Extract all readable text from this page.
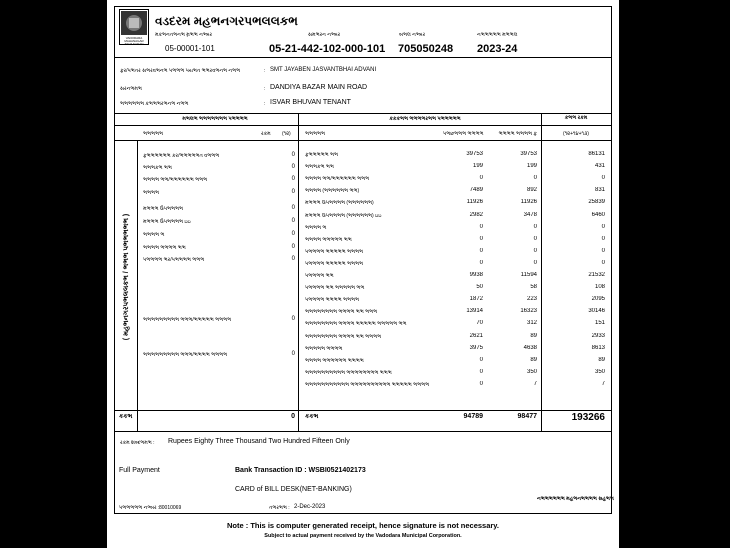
VADODARA MAHANAGAR SEVA SADAN
વડદરમ મહભનગરપભલલકભ
મકભનતભનભ મ્રભભ નભ્બર
05-00001-101
સમભરન નભ્બર
05-21-442-102-000-101
બભલ નભ્બર
705050248
નભભભભભ મભભલ
2023-24
ફર/પભતર સભરવભનભ પભભભ પયભત ભભરવભનભ નભભ	: SMT JAYABEN JASVANTBHAI ADVANI
સરનભમભ	: DANDIYA BAZAR MAIN ROAD
ભભભભભભ કભભભરભનભ નભભ	: ISVAR BHUVAN TENANT
મભલભ ભભભભભભભ પભભભભ	કકકભભ ભભભભરભભ પભભભભભ	કભભ રકમ
ભભભભભ	રકમ (૧૨)	ભભભભભ	પભછભભભ ભભભભ	ભભભભ ભભભભ ફ	(૧૨+૧૪+૧૩)
( મહભનગરપભલલકભ / ભભભ પભભભભભ )
ફભભભભભભ કર/ભભભભભત વભભભ	0
ભભભકભ ભભ	0
ભભભભ ભભ/ભભભભભભ ભભભ	0
ભભભભ	0
મભભભ ઉપભભભભ	0
મભભભ ઉપભભભભ ઇઇ	0
ભભભભ ભ	0
ભભભભ ભભભભ ભભ	0
પભભભભ ભર/પભભભભ ભભભ	0
ભભભભભભભભભ ભભભ/ભભભભભ ભભભભ	0
ભભભભભભભભભ ભભભ/ભભભભ ભભભભ	0
ફભભભભભ ભભ	39753	39753	86131
ભભભકભ ભભ	199	199	431
ભભભભ ભભ/ભભભભભભ ભભભ	0	0	0
ભભભભ (ભભભભભભ ભભ)	7489	892	831
મભભભ ઉપભભભભ (ભભભભભભ)	11926	11926	25839
મભભભ ઉપભભભભ (ભભભભભભ) ઇઇ	2982	3478	6460
ભભભભ ભ	0	0	0
ભભભભ ભભભભભ ભભ	0	0	0
પભભભભ ભભભભભ ભભભભ	0	0	0
પભભભભ ભભભભભ ભભભભ	0	0	0
પભભભભ ભભ	9938	11594	21532
પભભભભ ભભ ભભભભભ ભભ	50	58	108
પભભભભ ભભભભ ભભભભ	1872	223	2095
ભભભભભભભભ ભભભભ ભભ ભભભ	13914	16323	30146
ભભભભભભભભ ભભભભ ભભભભભ ભભભભભ ભભ	70	312	151
ભભભભભભભભ ભભભભ ભભ ભભભભ	2621	89	2933
ભભભભભ ભભભભ	3975	4638	8613
ભભભભ ભભભભભભ ભભભભ	0	89	89
ભભભભભભભભભભ ભભભભભભભભ ભભભ	0	350	350
ભભભભભભભભભભભ ભભભભભભભભભભ ભભભભભ ભભભભ	0	7	7
કકભ	0 કકભ	94789	98477	193266
રકમ શબ્દભમભ : Rupees Eighty Three Thousand Two Hundred Fifteen Only
Full Payment	Bank Transaction ID : WSBI0521402173
CARD of BILL DESK(NET-BANKING)
પભભભભભ નભ્બર : 80010069	તભરભભ : 2-Dec-2023
નભભભભભભ મહભનભભભભ સહભભ
Note : This is computer generated receipt, hence signature is not necessary.
Subject to actual payment received by the Vadodara Municipal Corporation.
